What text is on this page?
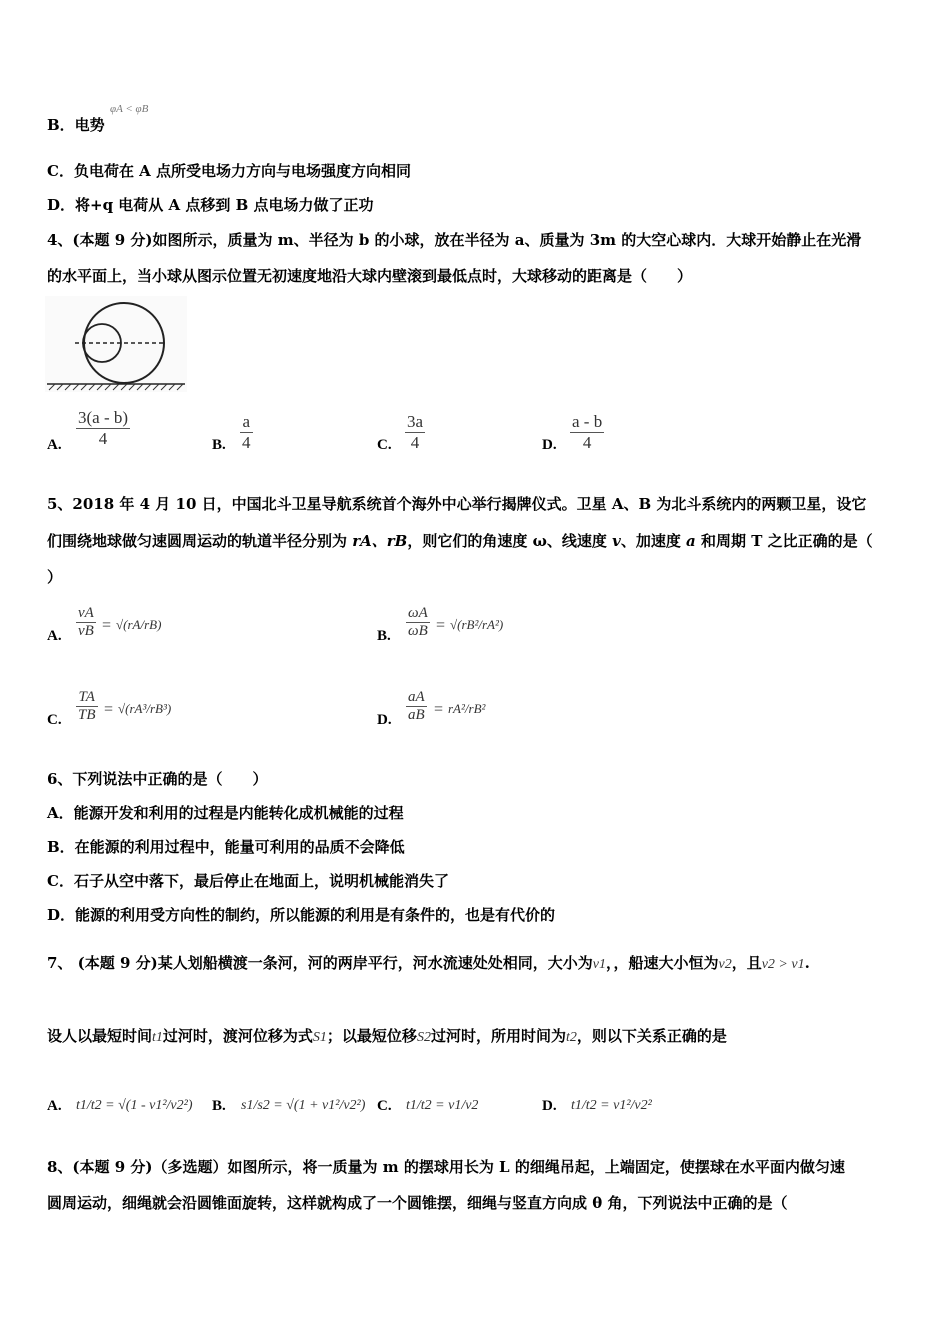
B．电势
φA < φB
C．负电荷在 A 点所受电场力方向与电场强度方向相同
D．将+q 电荷从 A 点移到 B 点电场力做了正功
4、(本题 9 分)如图所示，质量为 m、半径为 b 的小球，放在半径为 a、质量为 3m 的大空心球内．大球开始静止在光滑
的水平面上，当小球从图示位置无初速度地沿大球内壁滚到最低点时，大球移动的距离是（　　）
A. $\frac{3(a - b)}{4}$	B. $\frac{a}{4}$	C. $\frac{3a}{4}$	D. $\frac{a - b}{4}$
5、2018 年 4 月 10 日，中国北斗卫星导航系统首个海外中心举行揭牌仪式。卫星 A、B 为北斗系统内的两颗卫星，设它
们围绕地球做匀速圆周运动的轨道半径分别为 rA、rB，则它们的角速度 ω、线速度 v、加速度 a 和周期 T 之比正确的是（
）
A. $\frac{vA}{vB} = √(rA/rB)$
B. $\frac{\omega A}{\omega B} = √(rB^2/rA^2)$
C. $\frac{TA}{TB} = √(rA^3/rB^3)$
D. $\frac{aA}{aB} = rA^2/rB^2$
6、下列说法中正确的是（　　）
A．能源开发和利用的过程是内能转化成机械能的过程
B．在能源的利用过程中，能量可利用的品质不会降低
C．石子从空中落下，最后停止在地面上，说明机械能消失了
D．能源的利用受方向性的制约，所以能源的利用是有条件的，也是有代价的
7、 (本题 9 分)某人划船横渡一条河，河的两岸平行，河水流速处处相同，大小为v1，，船速大小恒为v2，且v2 > v1.
设人以最短时间t1过河时，渡河位移为式S1；以最短位移S2过河时，所用时间为t2，则以下关系正确的是
A. t1/t2 = √(1 - v1²/v2²) B. s1/s2 = √(1 + v1²/v2²) C. t1/t2 = v1/v2	D. t1/t2 = v1²/v2²
8、(本题 9 分)（多选题）如图所示，将一质量为 m 的摆球用长为 L 的细绳吊起，上端固定，使摆球在水平面内做匀速
圆周运动，细绳就会沿圆锥面旋转，这样就构成了一个圆锥摆，细绳与竖直方向成 θ 角，下列说法中正确的是（
